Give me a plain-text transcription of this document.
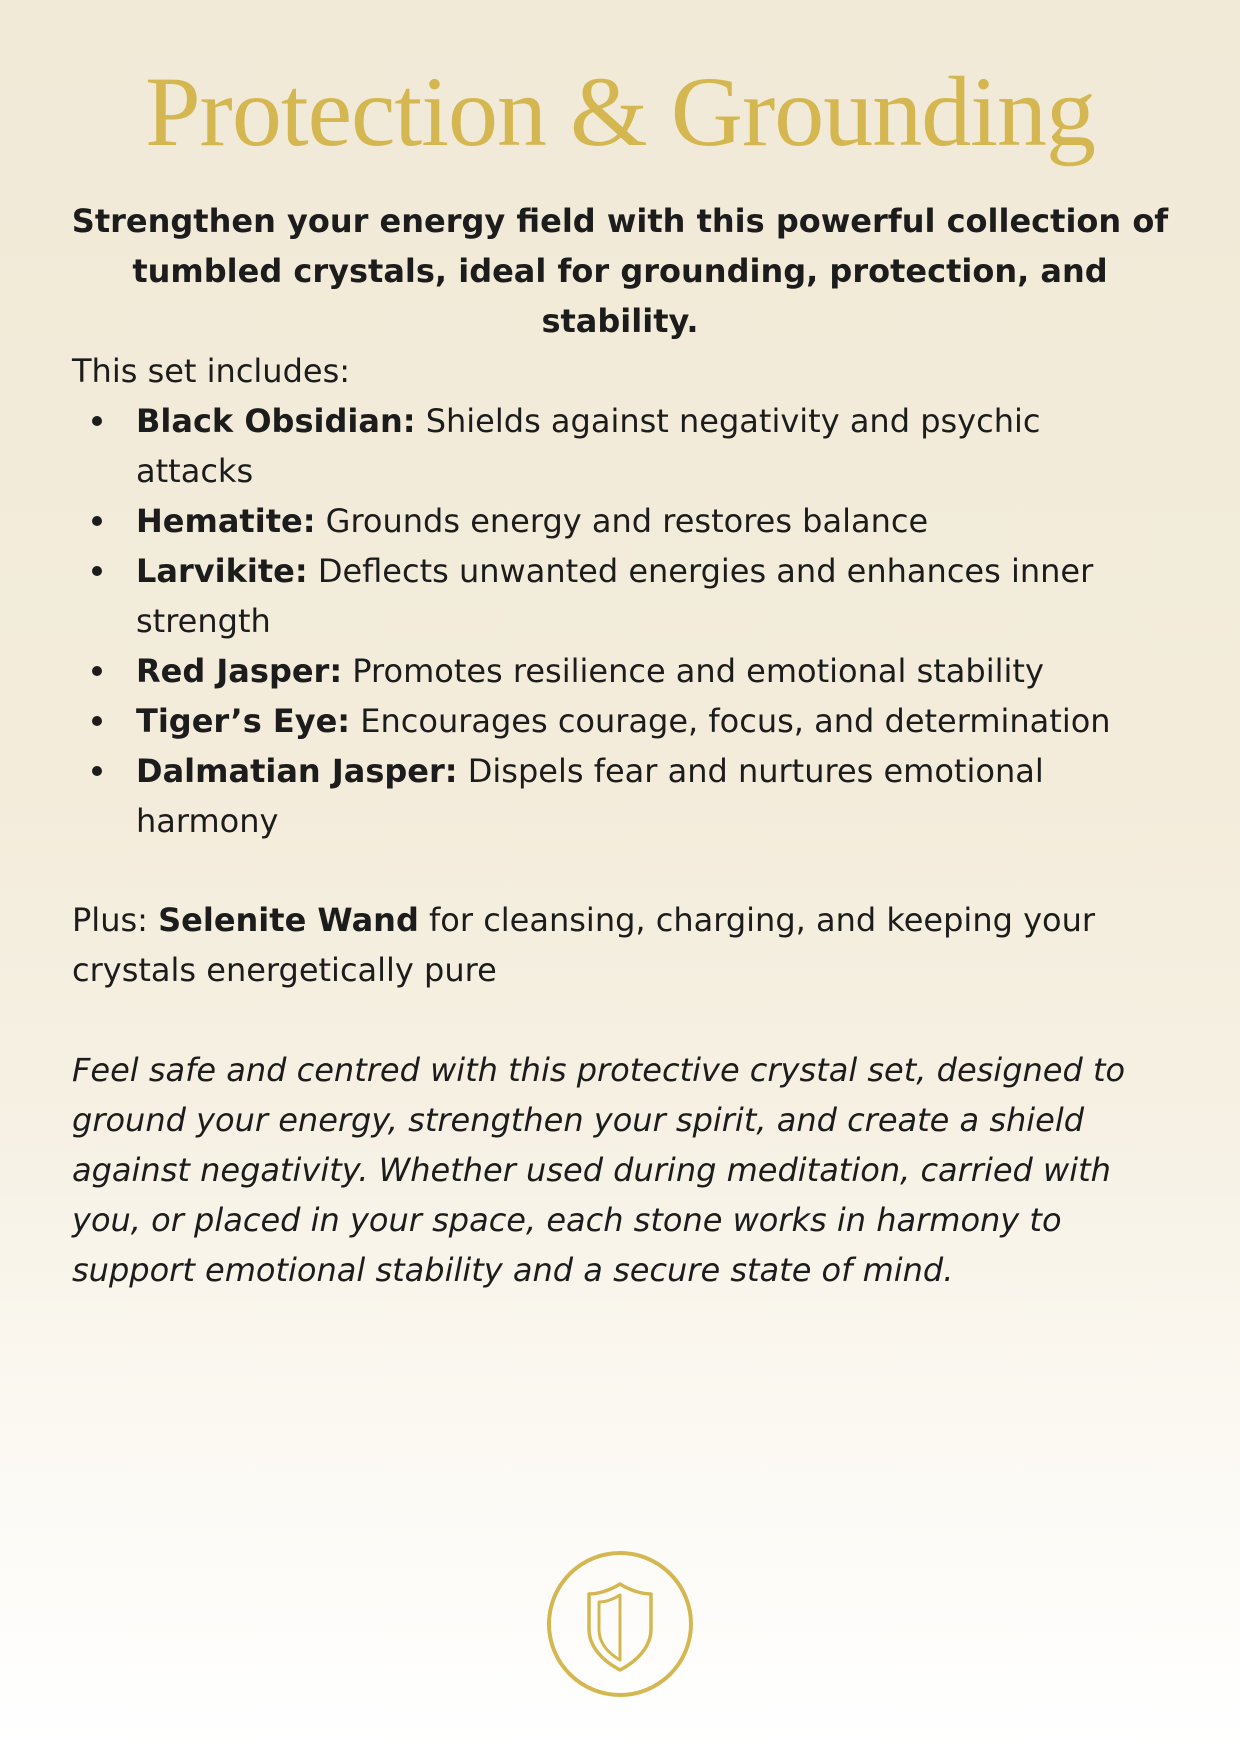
Protection & Grounding

Strengthen your energy field with this powerful collection of tumbled crystals, ideal for grounding, protection, and stability.

This set includes:

Black Obsidian: Shields against negativity and psychic attacks
Hematite: Grounds energy and restores balance
Larvikite: Deflects unwanted energies and enhances inner strength
Red Jasper: Promotes resilience and emotional stability
Tiger’s Eye: Encourages courage, focus, and determination
Dalmatian Jasper: Dispels fear and nurtures emotional harmony

Plus: Selenite Wand for cleansing, charging, and keeping your crystals energetically pure

Feel safe and centred with this protective crystal set, designed to ground your energy, strengthen your spirit, and create a shield against negativity. Whether used during meditation, carried with you, or placed in your space, each stone works in harmony to support emotional stability and a secure state of mind.
